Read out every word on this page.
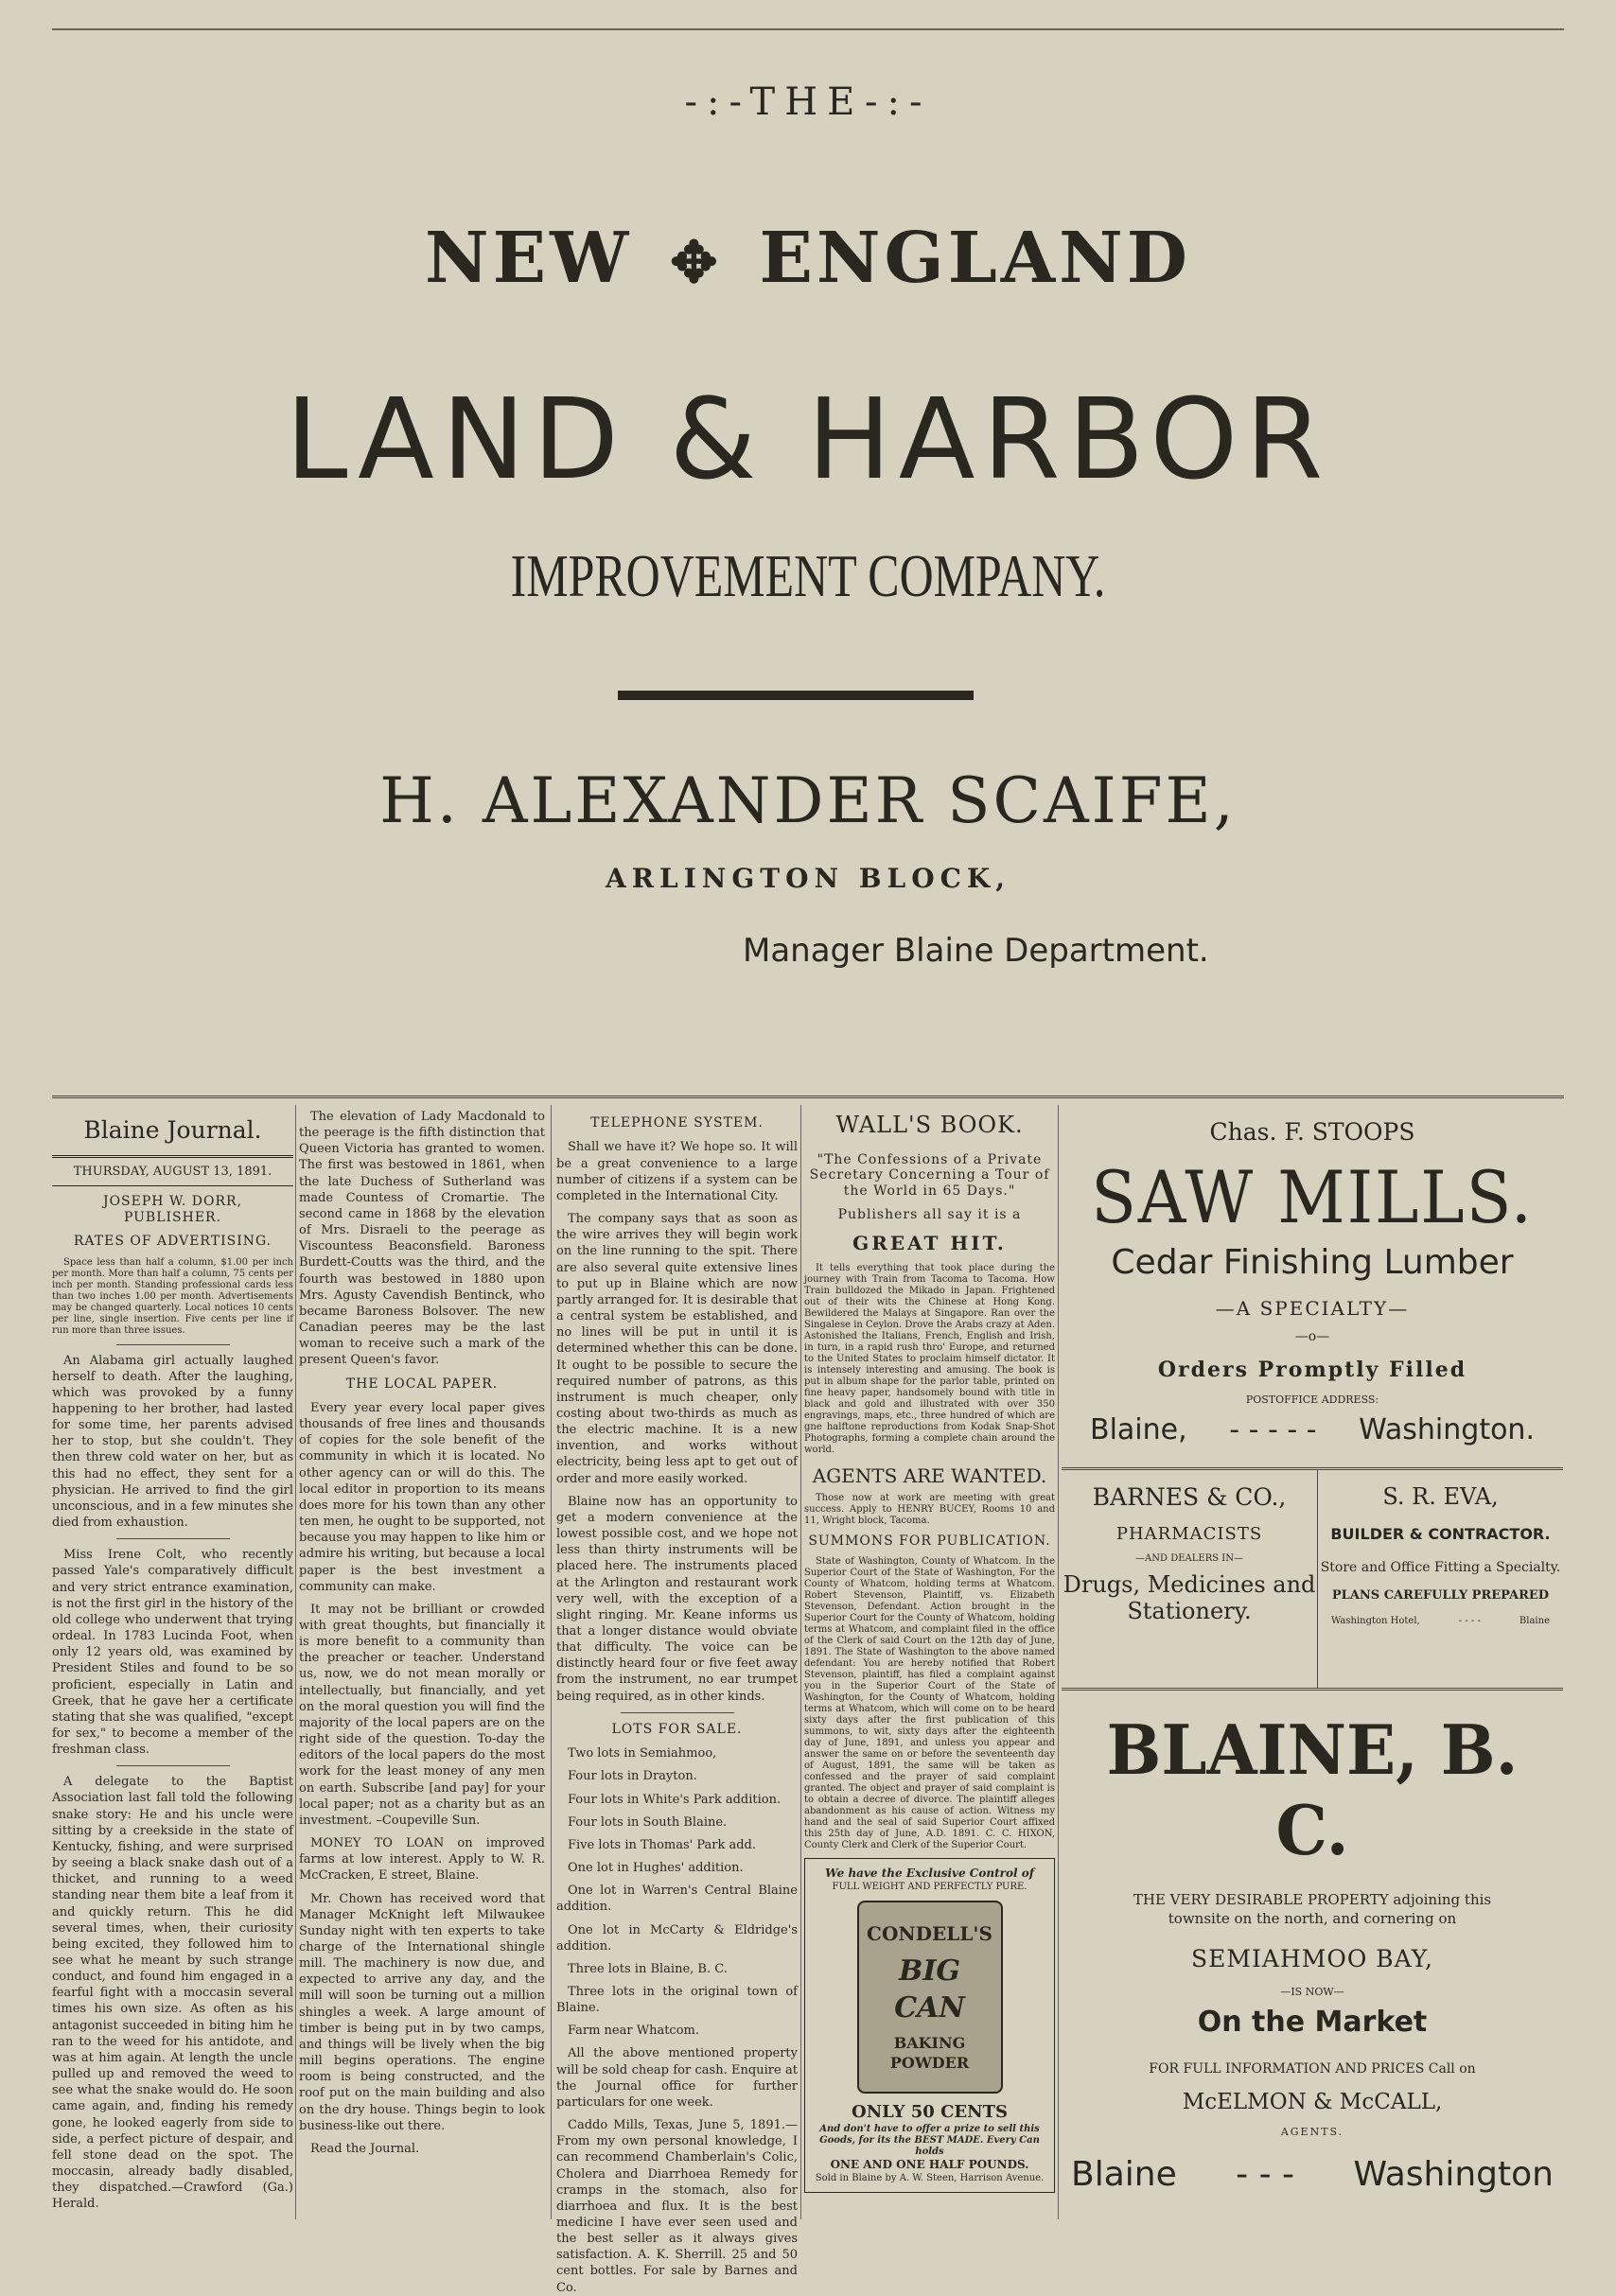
-:-THE-:-
NEW ✥ ENGLAND
LAND & HARBOR
IMPROVEMENT COMPANY.
H. ALEXANDER SCAIFE,
ARLINGTON BLOCK,
Manager Blaine Department.
Blaine Journal.
THURSDAY, AUGUST 13, 1891.
JOSEPH W. DORR, PUBLISHER.
RATES OF ADVERTISING.

Space less than half a column, $1.00 per inch per month. More than half a column, 75 cents per inch per month. Standing professional cards less than two inches 1.00 per month. Advertisements may be changed quarterly. Local notices 10 cents per line, single insertion. Five cents per line if run more than three issues.

An Alabama girl actually laughed herself to death. After the laughing, which was provoked by a funny happening to her brother, had lasted for some time, her parents advised her to stop, but she couldn't. They then threw cold water on her, but as this had no effect, they sent for a physician. He arrived to find the girl unconscious, and in a few minutes she died from exhaustion.

Miss Irene Colt, who recently passed Yale's comparatively difficult and very strict entrance examination, is not the first girl in the history of the old college who underwent that trying ordeal. In 1783 Lucinda Foot, when only 12 years old, was examined by President Stiles and found to be so proficient, especially in Latin and Greek, that he gave her a certificate stating that she was qualified, "except for sex," to become a member of the freshman class.

A delegate to the Baptist Association last fall told the following snake story: He and his uncle were sitting by a creekside in the state of Kentucky, fishing, and were surprised by seeing a black snake dash out of a thicket, and running to a weed standing near them bite a leaf from it and quickly return. This he did several times, when, their curiosity being excited, they followed him to see what he meant by such strange conduct, and found him engaged in a fearful fight with a moccasin several times his own size. As often as his antagonist succeeded in biting him he ran to the weed for his antidote, and was at him again. At length the uncle pulled up and removed the weed to see what the snake would do. He soon came again, and, finding his remedy gone, he looked eagerly from side to side, a perfect picture of despair, and fell stone dead on the spot. The moccasin, already badly disabled, they dispatched.—Crawford (Ga.) Herald.

The elevation of Lady Macdonald to the peerage is the fifth distinction that Queen Victoria has granted to women. The first was bestowed in 1861, when the late Duchess of Sutherland was made Countess of Cromartie. The second came in 1868 by the elevation of Mrs. Disraeli to the peerage as Viscountess Beaconsfield. Baroness Burdett-Coutts was the third, and the fourth was bestowed in 1880 upon Mrs. Agusty Cavendish Bentinck, who became Baroness Bolsover. The new Canadian peeres may be the last woman to receive such a mark of the present Queen's favor.

THE LOCAL PAPER.

Every year every local paper gives thousands of free lines and thousands of copies for the sole benefit of the community in which it is located. No other agency can or will do this. The local editor in proportion to its means does more for his town than any other ten men, he ought to be supported, not because you may happen to like him or admire his writing, but because a local paper is the best investment a community can make.

It may not be brilliant or crowded with great thoughts, but financially it is more benefit to a community than the preacher or teacher. Understand us, now, we do not mean morally or intellectually, but financially, and yet on the moral question you will find the majority of the local papers are on the right side of the question. To-day the editors of the local papers do the most work for the least money of any men on earth. Subscribe [and pay] for your local paper; not as a charity but as an investment. –Coupeville Sun.

MONEY TO LOAN on improved farms at low interest. Apply to W. R. McCracken, E street, Blaine.

Mr. Chown has received word that Manager McKnight left Milwaukee Sunday night with ten experts to take charge of the International shingle mill. The machinery is now due, and expected to arrive any day, and the mill will soon be turning out a million shingles a week. A large amount of timber is being put in by two camps, and things will be lively when the big mill begins operations. The engine room is being constructed, and the roof put on the main building and also on the dry house. Things begin to look business-like out there.

Read the Journal.

TELEPHONE SYSTEM.

Shall we have it? We hope so. It will be a great convenience to a large number of citizens if a system can be completed in the International City.

The company says that as soon as the wire arrives they will begin work on the line running to the spit. There are also several quite extensive lines to put up in Blaine which are now partly arranged for. It is desirable that a central system be established, and no lines will be put in until it is determined whether this can be done. It ought to be possible to secure the required number of patrons, as this instrument is much cheaper, only costing about two-thirds as much as the electric machine. It is a new invention, and works without electricity, being less apt to get out of order and more easily worked.

Blaine now has an opportunity to get a modern convenience at the lowest possible cost, and we hope not less than thirty instruments will be placed here. The instruments placed at the Arlington and restaurant work very well, with the exception of a slight ringing. Mr. Keane informs us that a longer distance would obviate that difficulty. The voice can be distinctly heard four or five feet away from the instrument, no ear trumpet being required, as in other kinds.

LOTS FOR SALE.

Two lots in Semiahmoo,

Four lots in Drayton.

Four lots in White's Park addition.

Four lots in South Blaine.

Five lots in Thomas' Park add.

One lot in Hughes' addition.

One lot in Warren's Central Blaine addition.

One lot in McCarty & Eldridge's addition.

Three lots in Blaine, B. C.

Three lots in the original town of Blaine.

Farm near Whatcom.

All the above mentioned property will be sold cheap for cash. Enquire at the Journal office for further particulars for one week.

Caddo Mills, Texas, June 5, 1891.—From my own personal knowledge, I can recommend Chamberlain's Colic, Cholera and Diarrhoea Remedy for cramps in the stomach, also for diarrhoea and flux. It is the best medicine I have ever seen used and the best seller as it always gives satisfaction. A. K. Sherrill. 25 and 50 cent bottles. For sale by Barnes and Co.

WALL'S BOOK.
"The Confessions of a Private Secretary Concerning a Tour of the World in 65 Days."
Publishers all say it is a
GREAT HIT.

It tells everything that took place during the journey with Train from Tacoma to Tacoma. How Train bulldozed the Mikado in Japan. Frightened out of their wits the Chinese at Hong Kong. Bewildered the Malays at Singapore. Ran over the Singalese in Ceylon. Drove the Arabs crazy at Aden. Astonished the Italians, French, English and Irish, in turn, in a rapid rush thro' Europe, and returned to the United States to proclaim himself dictator. It is intensely interesting and amusing. The book is put in album shape for the parlor table, printed on fine heavy paper, handsomely bound with title in black and gold and illustrated with over 350 engravings, maps, etc., three hundred of which are gne halftone reproductions from Kodak Snap-Shot Photographs, forming a complete chain around the world.

AGENTS ARE WANTED.

Those now at work are meeting with great success. Apply to HENRY BUCEY, Rooms 10 and 11, Wright block, Tacoma.

SUMMONS FOR PUBLICATION.

State of Washington, County of Whatcom. In the Superior Court of the State of Washington, For the County of Whatcom, holding terms at Whatcom. Robert Stevenson, Plaintiff, vs. Elizabeth Stevenson, Defendant. Action brought in the Superior Court for the County of Whatcom, holding terms at Whatcom, and complaint filed in the office of the Clerk of said Court on the 12th day of June, 1891. The State of Washington to the above named defendant: You are hereby notified that Robert Stevenson, plaintiff, has filed a complaint against you in the Superior Court of the State of Washington, for the County of Whatcom, holding terms at Whatcom, which will come on to be heard sixty days after the first publication of this summons, to wit, sixty days after the eighteenth day of June, 1891, and unless you appear and answer the same on or before the seventeenth day of August, 1891, the same will be taken as confessed and the prayer of said complaint granted. The object and prayer of said complaint is to obtain a decree of divorce. The plaintiff alleges abandonment as his cause of action. Witness my hand and the seal of said Superior Court affixed this 25th day of June, A.D. 1891. C. C. HIXON, County Clerk and Clerk of the Superior Court.

We have the Exclusive Control of
FULL WEIGHT AND PERFECTLY PURE.
CONDELL'S
BIG CAN
BAKING POWDER
ONLY 50 CENTS
And don't have to offer a prize to sell this Goods, for its the BEST MADE. Every Can holds
ONE AND ONE HALF POUNDS.
Sold in Blaine by A. W. Steen, Harrison Avenue.
Chas. F. STOOPS
SAW MILLS.
Cedar Finishing Lumber
—A SPECIALTY—
—o—
Orders Promptly Filled
POSTOFFICE ADDRESS:
Blaine, - - - - - Washington.
BARNES & CO.,
PHARMACISTS
—AND DEALERS IN—
Drugs, Medicines and Stationery.
S. R. EVA,
BUILDER & CONTRACTOR.
Store and Office Fitting a Specialty.
PLANS CAREFULLY PREPARED
Washington Hotel,	- - - -	Blaine
BLAINE, B. C.
THE VERY DESIRABLE PROPERTY adjoining this townsite on the north, and cornering on
SEMIAHMOO BAY,
—IS NOW—
On the Market
FOR FULL INFORMATION AND PRICES Call on
McELMON & McCALL,
AGENTS.
Blaine - - - Washington
